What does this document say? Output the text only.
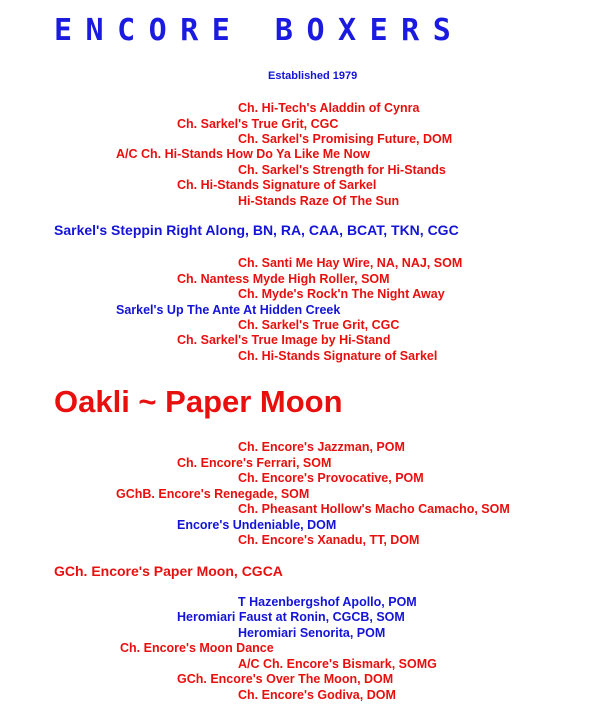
ENCORE BOXERS
Established 1979
Ch. Hi-Tech's Aladdin of Cynra
Ch. Sarkel's True Grit, CGC
Ch. Sarkel's Promising Future, DOM
A/C Ch. Hi-Stands How Do Ya Like Me Now
Ch. Sarkel's Strength for Hi-Stands
Ch. Hi-Stands Signature of Sarkel
Hi-Stands Raze Of The Sun
Sarkel's Steppin Right Along, BN, RA, CAA, BCAT, TKN, CGC
Ch. Santi Me Hay Wire, NA, NAJ, SOM
Ch. Nantess Myde High Roller, SOM
Ch. Myde's Rock'n The Night Away
Sarkel's Up The Ante At Hidden Creek
Ch. Sarkel's True Grit, CGC
Ch. Sarkel's True Image by Hi-Stand
Ch. Hi-Stands Signature of Sarkel
Oakli ~ Paper Moon
Ch. Encore's Jazzman, POM
Ch. Encore's Ferrari, SOM
Ch. Encore's Provocative, POM
GChB. Encore's Renegade, SOM
Ch. Pheasant Hollow's Macho Camacho, SOM
Encore's Undeniable, DOM
Ch. Encore's Xanadu, TT, DOM
GCh. Encore's Paper Moon, CGCA
T Hazenbergshof Apollo, POM
Heromiari Faust at Ronin, CGCB, SOM
Heromiari Senorita, POM
Ch. Encore's Moon Dance
A/C Ch. Encore's Bismark, SOMG
GCh. Encore's Over The Moon, DOM
Ch. Encore's Godiva, DOM
